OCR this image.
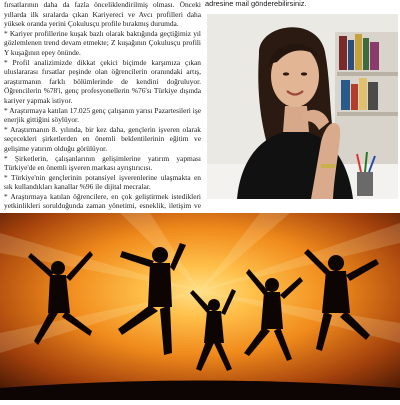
fırsatlarının daha da fazla önceliklendirilmiş olması. Önceki yıllarda ilk sıralarda çıkan Kariyereci ve Avcı profilleri daha yüksek oranda yerini Çokulusçu profile bırakmış durumda.

* Kariyer profillerine kuşak bazlı olarak baktığında geçtiğimiz yıl gözlemlenen trend devam etmekte; Z kuşağının Çokulusçu profili Y kuşağının epey önünde.

* Profil analizimizde dikkat çekici biçimde karşımıza çıkan uluslararası fırsatlar peşinde olan öğrencilerin oranındaki artış, araştırmanın farklı bölümlerinde de kendini doğruluyor. Öğrencilerin %78'i, genç profesyonellerin %76'sı Türkiye dışında kariyer yapmak istiyor.

* Araştırmaya katılan 17.025 genç çalışanın yarısı Pazartesileri işe enerjik gittiğini söylüyor.

* Araştırmanın 8. yılında, bir kez daha, gençlerin işveren olarak seçecekleri şirketlerden en önemli beklentilerinin eğitim ve gelişime yatırım olduğu görülüyor.

* Şirketlerin, çalışanlarının gelişimlerine yatırım yapması Türkiye'de en önemli işveren markası ayrıştırıcısı.

* Türkiye'nin gençlerinin potansiyel işverenlerine ulaşmakta en sık kullandıkları kanallar %96 ile dijital mecralar.

* Araştırmaya katılan öğrencilere, en çok geliştirmek istedikleri yetkinlikleri sorulduğunda zaman yönetimi, esneklik, iletişim ve

adresine mail gönderebilirsiniz.
